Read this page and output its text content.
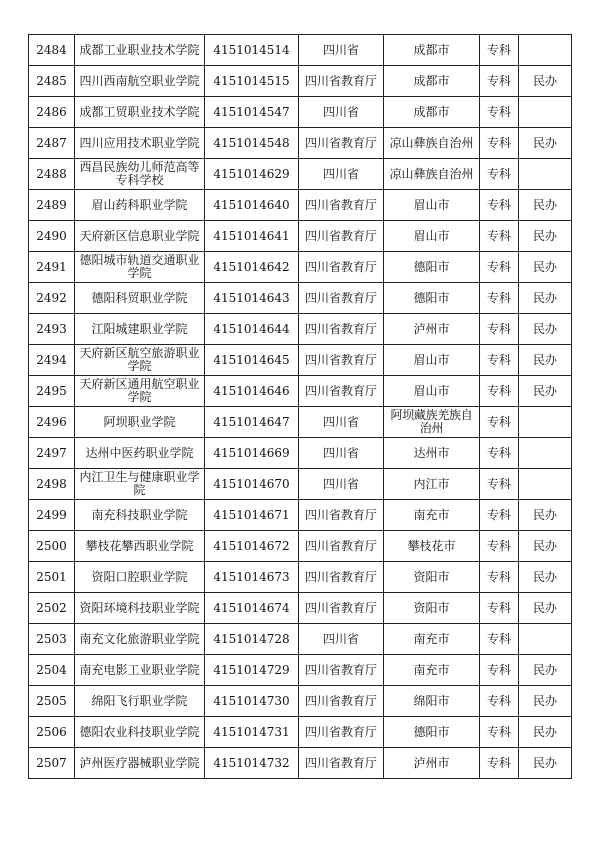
2484	成都工业职业技术学院	4151014514	四川省	成都市	专科	
2485	四川西南航空职业学院	4151014515	四川省教育厅	成都市	专科	民办
2486	成都工贸职业技术学院	4151014547	四川省	成都市	专科	
2487	四川应用技术职业学院	4151014548	四川省教育厅	凉山彝族自治州	专科	民办
2488	西昌民族幼儿师范高等专科学校	4151014629	四川省	凉山彝族自治州	专科	
2489	眉山药科职业学院	4151014640	四川省教育厅	眉山市	专科	民办
2490	天府新区信息职业学院	4151014641	四川省教育厅	眉山市	专科	民办
2491	德阳城市轨道交通职业学院	4151014642	四川省教育厅	德阳市	专科	民办
2492	德阳科贸职业学院	4151014643	四川省教育厅	德阳市	专科	民办
2493	江阳城建职业学院	4151014644	四川省教育厅	泸州市	专科	民办
2494	天府新区航空旅游职业学院	4151014645	四川省教育厅	眉山市	专科	民办
2495	天府新区通用航空职业学院	4151014646	四川省教育厅	眉山市	专科	民办
2496	阿坝职业学院	4151014647	四川省	阿坝藏族羌族自治州	专科	
2497	达州中医药职业学院	4151014669	四川省	达州市	专科	
2498	内江卫生与健康职业学院	4151014670	四川省	内江市	专科	
2499	南充科技职业学院	4151014671	四川省教育厅	南充市	专科	民办
2500	攀枝花攀西职业学院	4151014672	四川省教育厅	攀枝花市	专科	民办
2501	资阳口腔职业学院	4151014673	四川省教育厅	资阳市	专科	民办
2502	资阳环境科技职业学院	4151014674	四川省教育厅	资阳市	专科	民办
2503	南充文化旅游职业学院	4151014728	四川省	南充市	专科	
2504	南充电影工业职业学院	4151014729	四川省教育厅	南充市	专科	民办
2505	绵阳飞行职业学院	4151014730	四川省教育厅	绵阳市	专科	民办
2506	德阳农业科技职业学院	4151014731	四川省教育厅	德阳市	专科	民办
2507	泸州医疗器械职业学院	4151014732	四川省教育厅	泸州市	专科	民办
